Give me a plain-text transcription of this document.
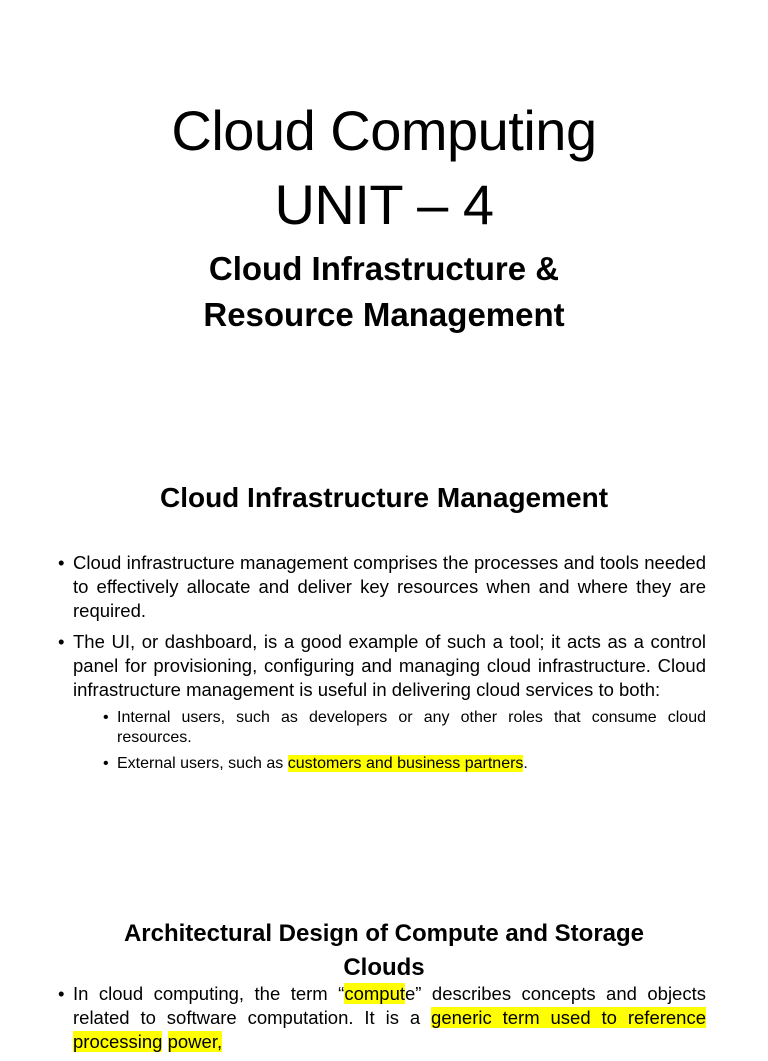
Cloud Computing
UNIT – 4
Cloud Infrastructure &
Resource Management
Cloud Infrastructure Management
• Cloud infrastructure management comprises the processes and tools needed to effectively allocate and deliver key resources when and where they are required.
• The UI, or dashboard, is a good example of such a tool; it acts as a control panel for provisioning, configuring and managing cloud infrastructure. Cloud infrastructure management is useful in delivering cloud services to both:
• Internal users, such as developers or any other roles that consume cloud resources.
• External users, such as customers and business partners.
Architectural Design of Compute and Storage
Clouds
• In cloud computing, the term “compute” describes concepts and objects related to software computation. It is a generic term used to reference processing power,
